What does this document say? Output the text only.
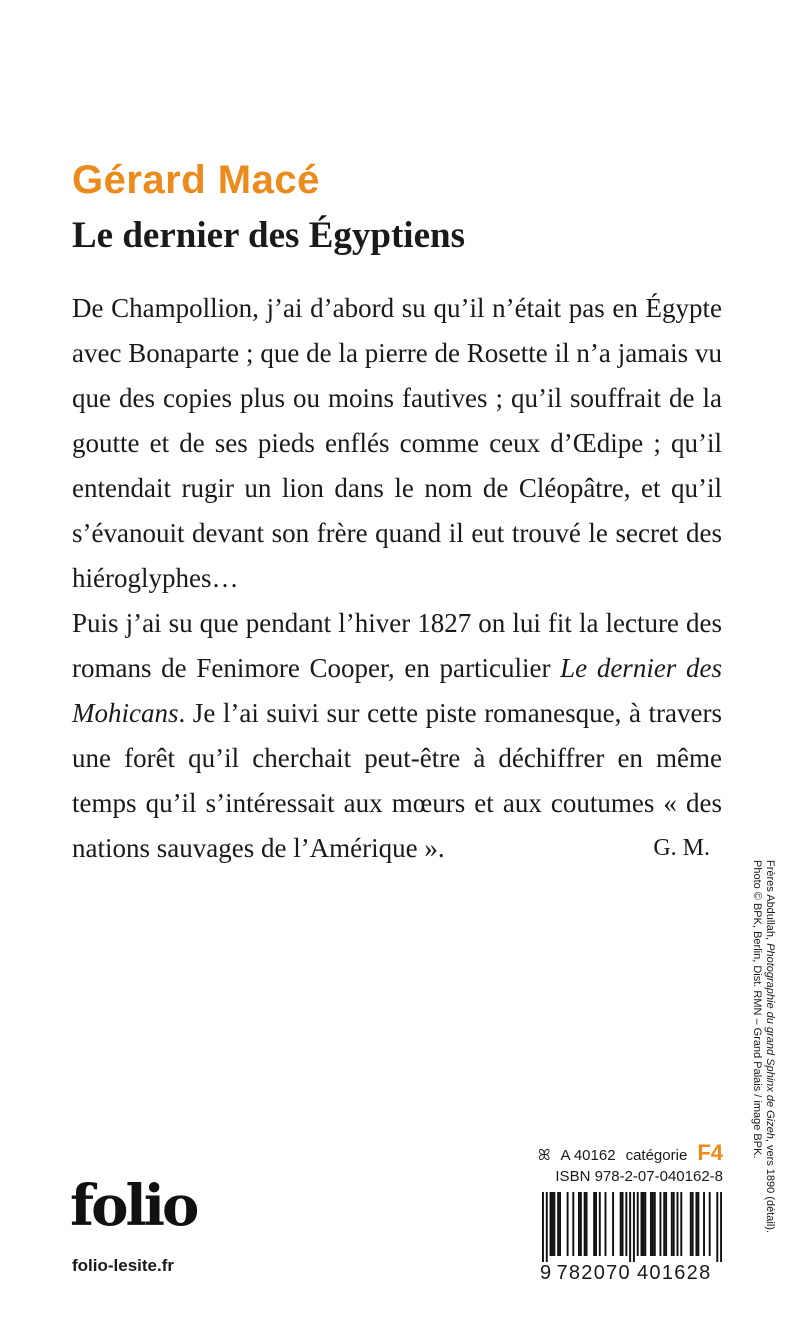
Gérard Macé
Le dernier des Égyptiens

De Champollion, j’ai d’abord su qu’il n’était pas en Égypte avec Bonaparte ; que de la pierre de Rosette il n’a jamais vu que des copies plus ou moins fautives ; qu’il souffrait de la goutte et de ses pieds enflés comme ceux d’Œdipe ; qu’il entendait rugir un lion dans le nom de Cléopâtre, et qu’il s’évanouit devant son frère quand il eut trouvé le secret des hiéroglyphes…

Puis j’ai su que pendant l’hiver 1827 on lui fit la lecture des romans de Fenimore Cooper, en particulier Le dernier des Mohicans. Je l’ai suivi sur cette piste romanesque, à travers une forêt qu’il cherchait peut-être à déchiffrer en même temps qu’il s’intéressait aux mœurs et aux coutumes « des nations sauvages de l’Amérique ».	G. M.
ꕤ A 40162 catégorie F4
ISBN 978-2-07-040162-8
9 782070 401628
folio
folio-lesite.fr
Frères Abdullah, Photographie du grand Sphinx de Gizeh, vers 1890 (détail).
Photo © BPK, Berlin, Dist. RMN – Grand Palais / image BPK.
